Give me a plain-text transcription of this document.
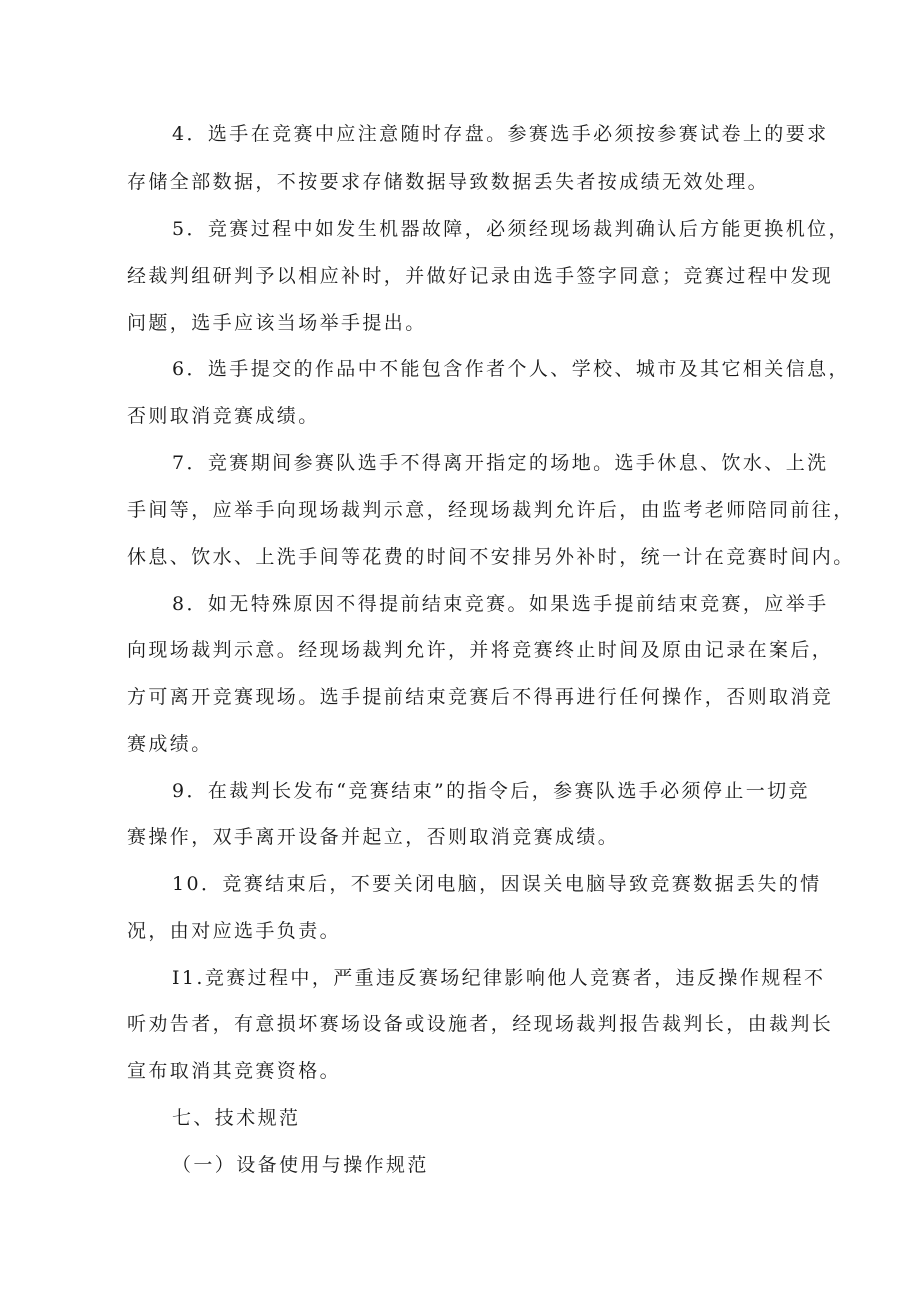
4．选手在竞赛中应注意随时存盘。参赛选手必须按参赛试卷上的要求
存储全部数据，不按要求存储数据导致数据丢失者按成绩无效处理。
5．竞赛过程中如发生机器故障，必须经现场裁判确认后方能更换机位，
经裁判组研判予以相应补时，并做好记录由选手签字同意；竞赛过程中发现
问题，选手应该当场举手提出。
6．选手提交的作品中不能包含作者个人、学校、城市及其它相关信息，
否则取消竞赛成绩。
7．竞赛期间参赛队选手不得离开指定的场地。选手休息、饮水、上洗
手间等，应举手向现场裁判示意，经现场裁判允许后，由监考老师陪同前往，
休息、饮水、上洗手间等花费的时间不安排另外补时，统一计在竞赛时间内。
8．如无特殊原因不得提前结束竞赛。如果选手提前结束竞赛，应举手
向现场裁判示意。经现场裁判允许，并将竞赛终止时间及原由记录在案后，
方可离开竞赛现场。选手提前结束竞赛后不得再进行任何操作，否则取消竞
赛成绩。
9．在裁判长发布“竞赛结束”的指令后，参赛队选手必须停止一切竞
赛操作，双手离开设备并起立，否则取消竞赛成绩。
10．竞赛结束后，不要关闭电脑，因误关电脑导致竞赛数据丢失的情
况，由对应选手负责。
I1.竞赛过程中，严重违反赛场纪律影响他人竞赛者，违反操作规程不
听劝告者，有意损坏赛场设备或设施者，经现场裁判报告裁判长，由裁判长
宣布取消其竞赛资格。
七、技术规范
（一）设备使用与操作规范
